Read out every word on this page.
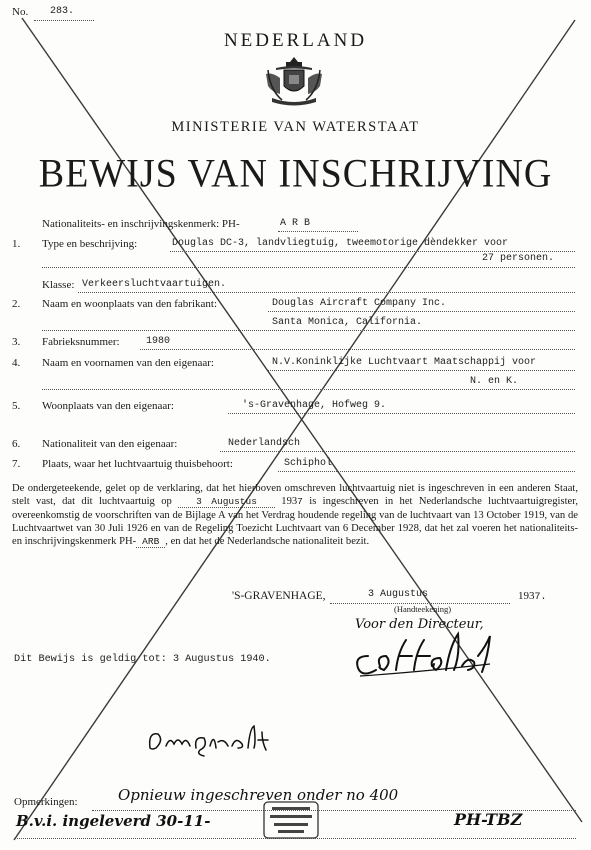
No. 283.
NEDERLAND
MINISTERIE VAN WATERSTAAT
BEWIJS VAN INSCHRIJVING
Nationaliteits- en inschrijvingskenmerk: PH-	A R B
1. Type en beschrijving:	Douglas DC-3, landvliegtuig, tweemotorige dèndekker voor
27 personen.
Klasse: Verkeersluchtvaartuigen.
2. Naam en woonplaats van den fabrikant:	Douglas Aircraft Company Inc.
Santa Monica, California.
3. Fabrieksnummer:	1980
4. Naam en voornamen van den eigenaar:	N.V.Koninklijke Luchtvaart Maatschappij voor
N. en K.
5. Woonplaats van den eigenaar:	's-Gravenhage, Hofweg 9.
6. Nationaliteit van den eigenaar:	Nederlandsch
7. Plaats, waar het luchtvaartuig thuisbehoort:	Schiphol
De ondergeteekende, gelet op de verklaring, dat het hierboven omschreven luchtvaartuig niet is ingeschreven in een anderen Staat, stelt vast, dat dit luchtvaartuig op	3 Augustus 1937 is ingeschreven in het Nederlandsche luchtvaartuigregister, overeenkomstig de voorschriften van de Bijlage A van het Verdrag houdende regeling van de luchtvaart van 13 October 1919, van de Luchtvaartwet van 30 Juli 1926 en van de Regeling Toezicht Luchtvaart van 6 December 1928, dat het zal voeren het nationaliteits- en inschrijvingskenmerk PH- ARB , en dat het de Nederlandsche nationaliteit bezit.
'S-GRAVENHAGE,	3 Augustus	1937.
(Handteekening)
Voor den Directeur,
Dit Bewijs is geldig tot: 3 Augustus 1940.
Opmerkingen:	Opnieuw ingeschreven onder no 400
B.v.i. ingeleverd 30-11-	PH-TBZ
